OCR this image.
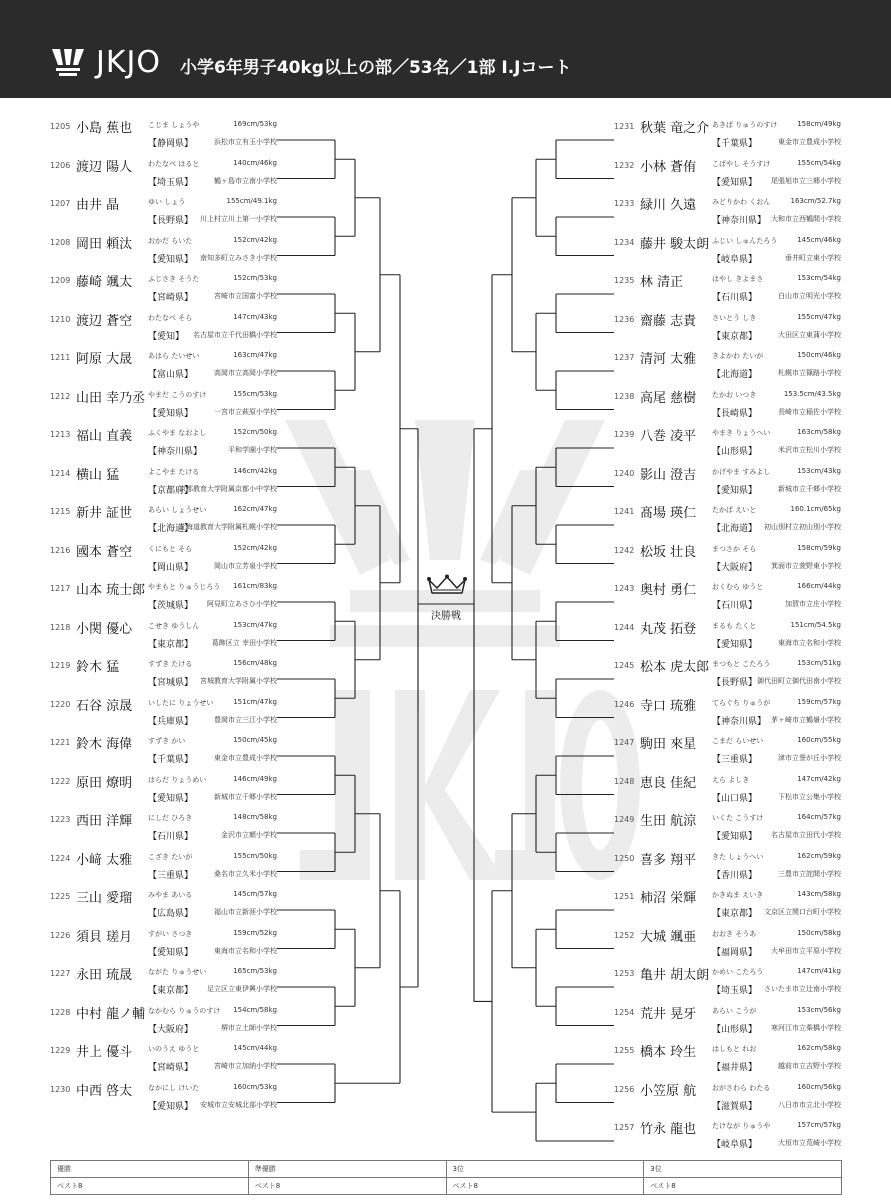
JKJO 小学6年男子40kg以上の部／53名／1部 I.Jコート
1205 小島 蕉也 こじま しょうや	169cm/53kg
【静岡県】	浜松市立有玉小学校
1206 渡辺 陽人 わたなべ はると	140cm/46kg
【埼玉県】	鶴ヶ島市立南小学校
1207 由井 晶	ゆい しょう	155cm/49.1kg
【長野県】 川上村立川上第一小学校
1208 岡田 頼汰 おかだ らいた	152cm/42kg
【愛知県】 南知多町立みさき小学校
1209 藤崎 颯太 ふじさき そうた	152cm/53kg
【宮崎県】	宮崎市立国富小学校
1210 渡辺 蒼空 わたなべ そら	147cm/43kg
【愛知】	名古屋市立千代田橋小学校
1211 阿原 大晟 あはら たいせい	163cm/47kg
【富山県】	高岡市立高岡小学校
1212 山田 幸乃丞 やまだ こうのすけ	155cm/53kg
【愛知県】	一宮市立萩原小学校
1213 福山 直義 ふくやま なおよし	152cm/50kg
【神奈川県】	平和学園小学校
1214 横山 猛	よこやま たける	146cm/42kg
【京都府】
京都教育大学附属京都小中学校
1215 新井 証世 あらい しょうせい	162cm/47kg
【北海道】
北海道教育大学附属札幌小学校
1216 國本 蒼空 くにもと そら	152cm/42kg
【岡山県】	岡山市立芳泉小学校
1217 山本 琉士郎 やまもと りゅうじろう	161cm/83kg
【茨城県】	阿見町立あさひ小学校
1218 小関 優心 こせき ゆうしん	153cm/47kg
【東京都】	葛飾区立 幸田小学校
1219 鈴木 猛	すずき たける	156cm/48kg
【宮城県】 宮城教育大学附属小学校
1220 石谷 涼晟 いしたに りょうせい	151cm/47kg
【兵庫県】	豊岡市立三江小学校
1221 鈴木 海偉 すずき かい	150cm/45kg
【千葉県】	東金市立豊成小学校
1222 原田 燎明 はらだ りょうめい	146cm/49kg
【愛知県】	新城市立千郷小学校
1223 西田 洋輝 にしだ ひろき	148cm/58kg
【石川県】	金沢市立額小学校
1224 小﨑 太雅 こざき たいが	155cm/50kg
【三重県】	桑名市立久米小学校
1225 三山 愛瑠 みやま あいる	145cm/57kg
【広島県】	福山市立新涯小学校
1226 須貝 瑳月 すがい さつき	159cm/52kg
【愛知県】	東海市立名和小学校
1227 永田 琉晟 ながた りゅうせい	165cm/53kg
【東京都】	足立区立東伊興小学校
1228 中村 龍ノ輔 なかむら りゅうのすけ	154cm/58kg
【大阪府】	堺市立土師小学校
1229 井上 優斗 いのうえ ゆうと	145cm/44kg
【宮崎県】	宮崎市立加納小学校
1230 中西 啓太 なかにし けいた	160cm/53kg
【愛知県】 安城市立安城北部小学校
1231 秋葉 竜之介 あきば りゅうのすけ	158cm/49kg
【千葉県】	東金市立豊成小学校
1232 小林 蒼侑 こばやし そうすけ	155cm/54kg
【愛知県】	尾張旭市立三郷小学校
1233 緑川 久遠 みどりかわ くおん	163cm/52.7kg
【神奈川県】 大和市立西鶴間小学校
1234 藤井 駿太朗 ふじい しゅんたろう	145cm/46kg
【岐阜県】	垂井町立東小学校
1235 林 清正	はやし きよまさ	153cm/54kg
【石川県】	白山市立明光小学校
1236 齋藤 志貴 さいとう しき	155cm/47kg
【東京都】	大田区立東蒲小学校
1237 清河 太雅 きよかわ たいが	150cm/46kg
【北海道】	札幌市立篠路小学校
1238 高尾 慈樹 たかお いつき	153.5cm/43.5kg
【長崎県】	長崎市立稲佐小学校
1239 八巻 凌平 やまき りょうへい	163cm/58kg
【山形県】	米沢市立松川小学校
1240 影山 澄吉 かげやま すみよし	153cm/43kg
【愛知県】	新城市立千郷小学校
1241 髙場 瑛仁 たかば えいと	160.1cm/65kg
【北海道】 初山別村立初山別小学校
1242 松坂 壮良 まつさか そら	158cm/59kg
【大阪府】	箕面市立萱野東小学校
1243 奥村 勇仁 おくむら ゆうと	166cm/44kg
【石川県】	加賀市立庄小学校
1244 丸茂 拓登 まるも たくと	151cm/54.5kg
【愛知県】	東海市立名和小学校
1245 松本 虎太郎 まつもと こたろう	153cm/51kg
【長野県】 御代田町立御代田南小学校
1246 寺口 琉雅 てらぐち りゅうが	159cm/57kg
【神奈川県】 茅ヶ崎市立鶴嶺小学校
1247 駒田 來星 こまだ らいせい	160cm/55kg
【三重県】	津市立誉が丘小学校
1248 恵良 佳紀 えら よしき	147cm/42kg
【山口県】	下松市立公集小学校
1249 生田 航涼 いくた こうすけ	164cm/57kg
【愛知県】	名古屋市立田代小学校
1250 喜多 翔平 きた しょうへい	162cm/59kg
【香川県】	三豊市立詫間小学校
1251 柿沼 栄輝 かきぬま えいき	143cm/58kg
【東京都】 文京区立関口台町小学校
1252 大城 颯亜 おおき そうあ	150cm/58kg
【福岡県】	大牟田市立平原小学校
1253 亀井 胡太朗 かめい こたろう	147cm/41kg
【埼玉県】 さいたま市立辻南小学校
1254 荒井 晃牙 あらい こうが	153cm/56kg
【山形県】	寒河江市立柴橋小学校
1255 橋本 玲生 はしもと れお	162cm/58kg
【福井県】	越前市立吉野小学校
1256 小笠原 航 おがさわら わたる	160cm/56kg
【滋賀県】	八日市市立北小学校
1257 竹永 龍也 たけなが りゅうや	157cm/57kg
【岐阜県】	大垣市立荒崎小学校
決勝戦
優勝	準優勝	3位	3位
ベスト8	ベスト8	ベスト8	ベスト8
